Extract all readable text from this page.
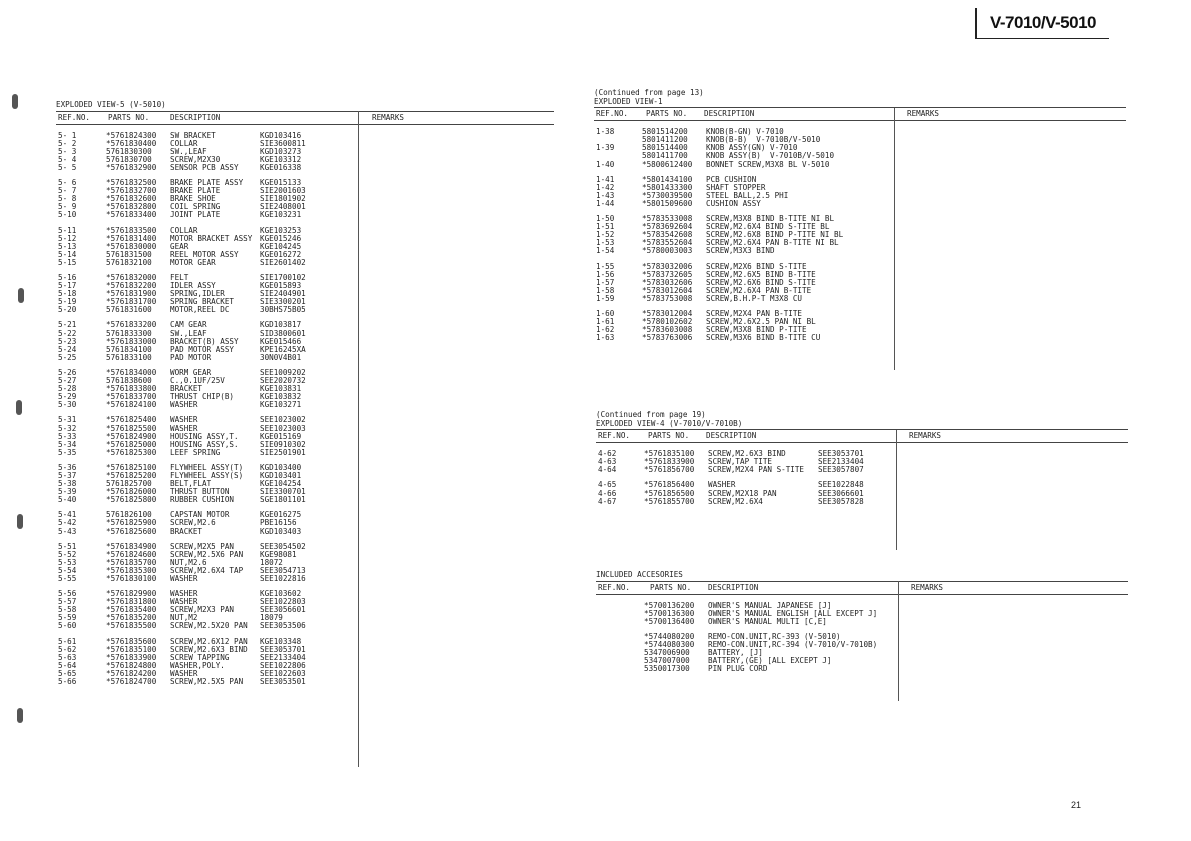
V-7010/V-5010
EXPLODED VIEW-5 (V-5010)
REF.NO. PARTS NO.	DESCRIPTION	REMARKS
5- 1	*5761824300 SW BRACKET	KGD103416
5- 2	*5761830400 COLLAR	SIE3600811
5- 3	5761830300 SW.,LEAF	KGD103273
5- 4	5761830700 SCREW,M2X30	KGE103312
5- 5	*5761832900 SENSOR PCB ASSY	KGE016338
5- 6	*5761832500 BRAKE PLATE ASSY KGE015133
5- 7	*5761832700 BRAKE PLATE	SIE2001603
5- 8	*5761832600 BRAKE SHOE	SIE1801902
5- 9	*5761832800 COIL SPRING	SIE2408001
5-10	*5761833400 JOINT PLATE	KGE103231
5-11	*5761833500 COLLAR	KGE103253
5-12	*5761831400 MOTOR BRACKET ASSY KGE015246
5-13	*5761830000 GEAR	KGE104245
5-14	5761831500 REEL MOTOR ASSY	KGE016272
5-15	5761832100 MOTOR GEAR	SIE2601402
5-16	*5761832000 FELT	SIE1700102
5-17	*5761832200 IDLER ASSY	KGE015893
5-18	*5761831900 SPRING,IDLER	SIE2404901
5-19	*5761831700 SPRING BRACKET	SIE3300201
5-20	5761831600 MOTOR,REEL DC	30BHS75B05
5-21	*5761833200 CAM GEAR	KGD103817
5-22	5761833300 SW.,LEAF	SID3800601
5-23	*5761833000 BRACKET(B) ASSY	KGE015466
5-24	5761834100 PAD MOTOR ASSY	KPE16245XA
5-25	5761833100 PAD MOTOR	30N0V4B01
5-26	*5761834000 WORM GEAR	SEE1009202
5-27	5761838600 C.,0.1UF/25V	SEE2020732
5-28	*5761833800 BRACKET	KGE103831
5-29	*5761833700 THRUST CHIP(B)	KGE103832
5-30	*5761824100 WASHER	KGE103271
5-31	*5761825400 WASHER	SEE1023002
5-32	*5761825500 WASHER	SEE1023003
5-33	*5761824900 HOUSING ASSY,T.	KGE015169
5-34	*5761825000 HOUSING ASSY,S.	SIE0910302
5-35	*5761825300 LEEF SPRING	SIE2501901
5-36	*5761825100 FLYWHEEL ASSY(T) KGD103400
5-37	*5761825200 FLYWHEEL ASSY(S) KGD103401
5-38	5761825700 BELT,FLAT	KGE104254
5-39	*5761826000 THRUST BUTTON	SIE3300701
5-40	*5761825800 RUBBER CUSHION	SGE1801101
5-41	5761826100 CAPSTAN MOTOR	KGE016275
5-42	*5761825900 SCREW,M2.6	PBE16156
5-43	*5761825600 BRACKET	KGD103403
5-51	*5761834900 SCREW,M2X5 PAN	SEE3054502
5-52	*5761824600 SCREW,M2.5X6 PAN KGE98081
5-53	*5761835700 NUT,M2.6	18072
5-54	*5761835300 SCREW,M2.6X4 TAP SEE3054713
5-55	*5761830100 WASHER	SEE1022816
5-56	*5761829900 WASHER	KGE103602
5-57	*5761831800 WASHER	SEE1022803
5-58	*5761835400 SCREW,M2X3 PAN	SEE3056601
5-59	*5761835200 NUT,M2	18079
5-60	*5761835500 SCREW,M2.5X20 PAN SEE3053506
5-61	*5761835600 SCREW,M2.6X12 PAN KGE103348
5-62	*5761835100 SCREW,M2.6X3 BIND SEE3053701
5-63	*5761833900 SCREW TAPPING	SEE2133404
5-64	*5761824800 WASHER,POLY.	SEE1022806
5-65	*5761824200 WASHER	SEE1022603
5-66	*5761824700 SCREW,M2.5X5 PAN SEE3053501
(Continued from page 13)
EXPLODED VIEW-1
REF.NO. PARTS NO. DESCRIPTION	REMARKS
1-38	5801514200 KNOB(B-GN) V-7010
5801411200 KNOB(B-B)  V-7010B/V-5010
1-39	5801514400 KNOB ASSY(GN) V-7010
5801411700 KNOB ASSY(B)  V-7010B/V-5010
1-40	*5800612400 BONNET SCREW,M3X8 BL V-5010
1-41	*5801434100 PCB CUSHION
1-42	*5801433300 SHAFT STOPPER
1-43	*5730039500 STEEL BALL,2.5 PHI
1-44	*5801509600 CUSHION ASSY
1-50	*5783533008 SCREW,M3X8 BIND B-TITE NI BL
1-51	*5783692604 SCREW,M2.6X4 BIND S-TITE BL
1-52	*5783542608 SCREW,M2.6X8 BIND P-TITE NI BL
1-53	*5783552604 SCREW,M2.6X4 PAN B-TITE NI BL
1-54	*5780003003 SCREW,M3X3 BIND
1-55	*5783032006 SCREW,M2X6 BIND S-TITE
1-56	*5783732605 SCREW,M2.6X5 BIND B-TITE
1-57	*5783032606 SCREW,M2.6X6 BIND S-TITE
1-58	*5783012604 SCREW,M2.6X4 PAN B-TITE
1-59	*5783753008 SCREW,B.H.P-T M3X8 CU
1-60	*5783012004 SCREW,M2X4 PAN B-TITE
1-61	*5780102602 SCREW,M2.6X2.5 PAN NI BL
1-62	*5783603008 SCREW,M3X8 BIND P-TITE
1-63	*5783763006 SCREW,M3X6 BIND B-TITE CU
(Continued from page 19)
EXPLODED VIEW-4 (V-7010/V-7010B)
REF.NO. PARTS NO. DESCRIPTION	REMARKS
4-62	*5761835100 SCREW,M2.6X3 BIND	SEE3053701
4-63	*5761833900 SCREW,TAP TITE	SEE2133404
4-64	*5761856700 SCREW,M2X4 PAN S-TITE SEE3057807
4-65	*5761856400 WASHER	SEE1022848
4-66	*5761856500 SCREW,M2X18 PAN	SEE3066601
4-67	*5761855700 SCREW,M2.6X4	SEE3057828
INCLUDED ACCESORIES
REF.NO.	PARTS NO. DESCRIPTION	REMARKS
*5700136200 OWNER'S MANUAL JAPANESE [J]
*5700136300 OWNER'S MANUAL ENGLISH [ALL EXCEPT J]
*5700136400 OWNER'S MANUAL MULTI [C,E]
*5744080200 REMO-CON.UNIT,RC-393 (V-5010)
*5744080300 REMO-CON.UNIT,RC-394 (V-7010/V-7010B)
5347006900 BATTERY, [J]
5347007000 BATTERY,(GE) [ALL EXCEPT J]
5350017300 PIN PLUG CORD
21
